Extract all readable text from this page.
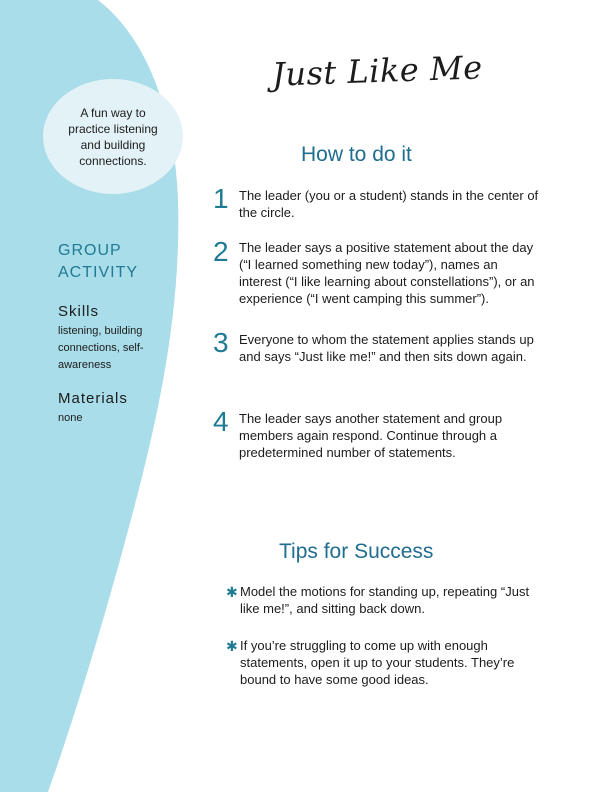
A fun way to practice listening and building connections.
GROUP ACTIVITY
Skills
listening, building connections, self-awareness
Materials
none
Just Like Me
How to do it
1 The leader (you or a student) stands in the center of the circle.
2 The leader says a positive statement about the day (“I learned something new today”), names an interest (“I like learning about constellations”), or an experience (“I went camping this summer”).
3 Everyone to whom the statement applies stands up and says “Just like me!” and then sits down again.
4 The leader says another statement and group members again respond. Continue through a predetermined number of statements.
Tips for Success
✱ Model the motions for standing up, repeating “Just like me!”, and sitting back down.
✱ If you’re struggling to come up with enough statements, open it up to your students. They’re bound to have some good ideas.
